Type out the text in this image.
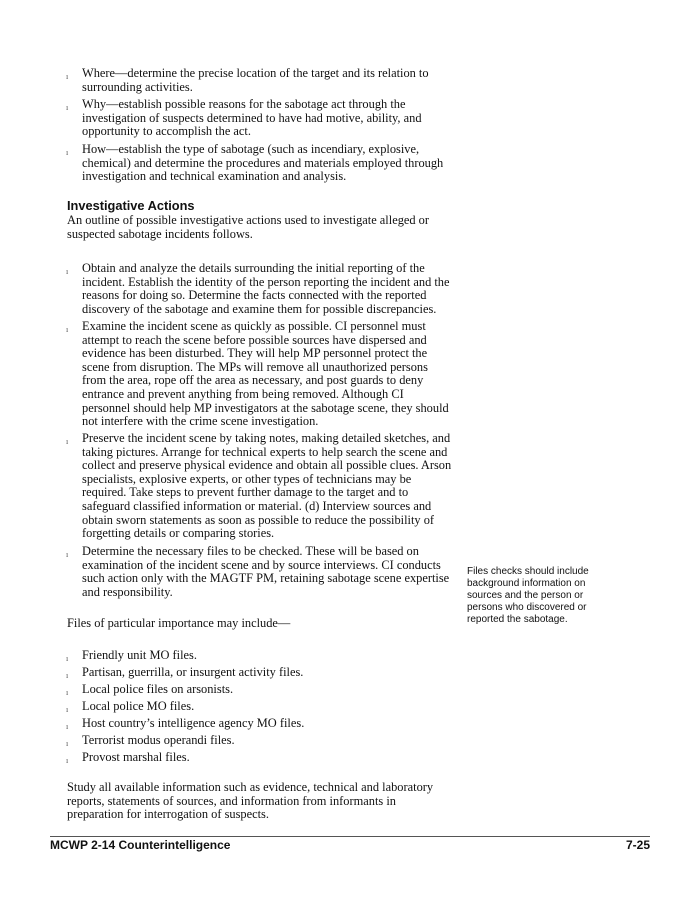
ı Where—determine the precise location of the target and its relation to surrounding activities.
ı Why—establish possible reasons for the sabotage act through the investigation of suspects determined to have had motive, ability, and opportunity to accomplish the act.
ı How—establish the type of sabotage (such as incendiary, explosive, chemical) and determine the procedures and materials employed through investigation and technical examination and analysis.
Investigative Actions
An outline of possible investigative actions used to investigate alleged or suspected sabotage incidents follows.
ı Obtain and analyze the details surrounding the initial reporting of the incident. Establish the identity of the person reporting the incident and the reasons for doing so. Determine the facts connected with the reported discovery of the sabotage and examine them for possible discrepancies.
ı Examine the incident scene as quickly as possible. CI personnel must attempt to reach the scene before possible sources have dispersed and evidence has been disturbed. They will help MP personnel protect the scene from disruption. The MPs will remove all unauthorized persons from the area, rope off the area as necessary, and post guards to deny entrance and prevent anything from being removed. Although CI personnel should help MP investigators at the sabotage scene, they should not interfere with the crime scene investigation.
ı Preserve the incident scene by taking notes, making detailed sketches, and taking pictures. Arrange for technical experts to help search the scene and collect and preserve physical evidence and obtain all possible clues. Arson specialists, explosive experts, or other types of technicians may be required. Take steps to prevent further damage to the target and to safeguard classified information or material. (d) Interview sources and obtain sworn statements as soon as possible to reduce the possibility of forgetting details or comparing stories.
ı Determine the necessary files to be checked. These will be based on examination of the incident scene and by source interviews. CI conducts such action only with the MAGTF PM, retaining sabotage scene expertise and responsibility.
Files of particular importance may include—
ı Friendly unit MO files.
ı Partisan, guerrilla, or insurgent activity files.
ı Local police files on arsonists.
ı Local police MO files.
ı Host country’s intelligence agency MO files.
ı Terrorist modus operandi files.
ı Provost marshal files.
Study all available information such as evidence, technical and laboratory reports, statements of sources, and information from informants in preparation for interrogation of suspects.
Files checks should include background information on sources and the person or persons who discovered or reported the sabotage.
MCWP 2-14 Counterintelligence	7-25
